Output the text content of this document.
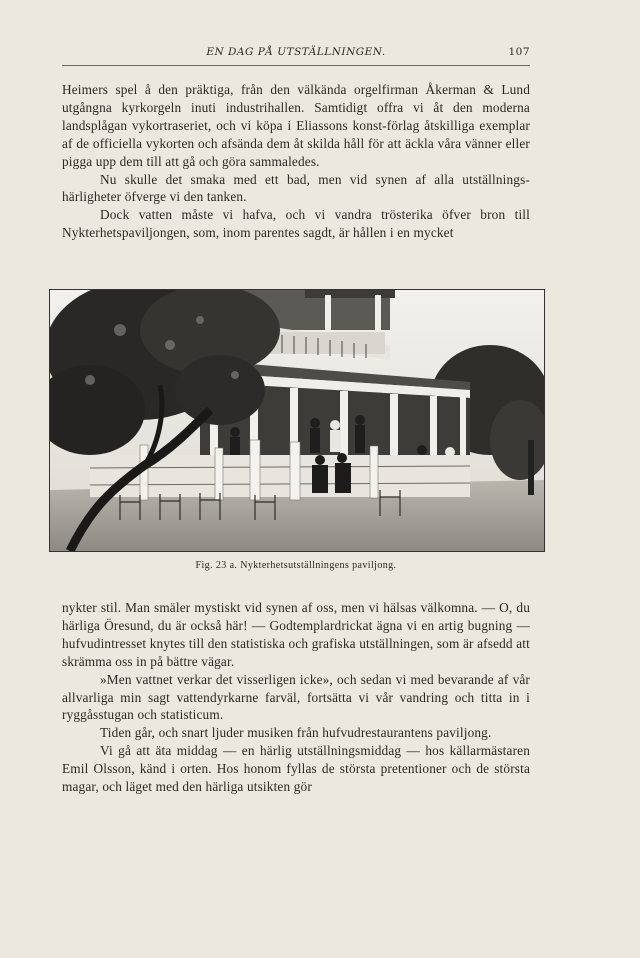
EN DAG PÅ UTSTÄLLNINGEN.	107

Heimers spel å den präktiga, från den välkända orgelfirman Åkerman & Lund utgångna kyrkorgeln inuti industrihallen. Samtidigt offra vi åt den moderna landsplågan vykortraseriet, och vi köpa i Eliassons konst-förlag åtskilliga exemplar af de officiella vykorten och afsända dem åt skilda håll för att äckla våra vänner eller pigga upp dem till att gå och göra sammaledes.

Nu skulle det smaka med ett bad, men vid synen af alla utställnings-härligheter öfverge vi den tanken.

Dock vatten måste vi hafva, och vi vandra trösterika öfver bron till Nykterhetspaviljongen, som, inom parentes sagdt, är hållen i en mycket

Fig. 23 a. Nykterhetsutställningens paviljong.

nykter stil. Man smäler mystiskt vid synen af oss, men vi hälsas välkomna. — O, du härliga Öresund, du är också här! — Godtemplardrickat ägna vi en artig bugning — hufvudintresset knytes till den statistiska och grafiska utställningen, som är afsedd att skrämma oss in på bättre vägar.

»Men vattnet verkar det visserligen icke», och sedan vi med bevarande af vår allvarliga min sagt vattendyrkarne farväl, fortsätta vi vår vandring och titta in i ryggåsstugan och statisticum.

Tiden går, och snart ljuder musiken från hufvudrestaurantens paviljong.

Vi gå att äta middag — en härlig utställningsmiddag — hos källarmästaren Emil Olsson, känd i orten. Hos honom fyllas de största pretentioner och de största magar, och läget med den härliga utsikten gör
